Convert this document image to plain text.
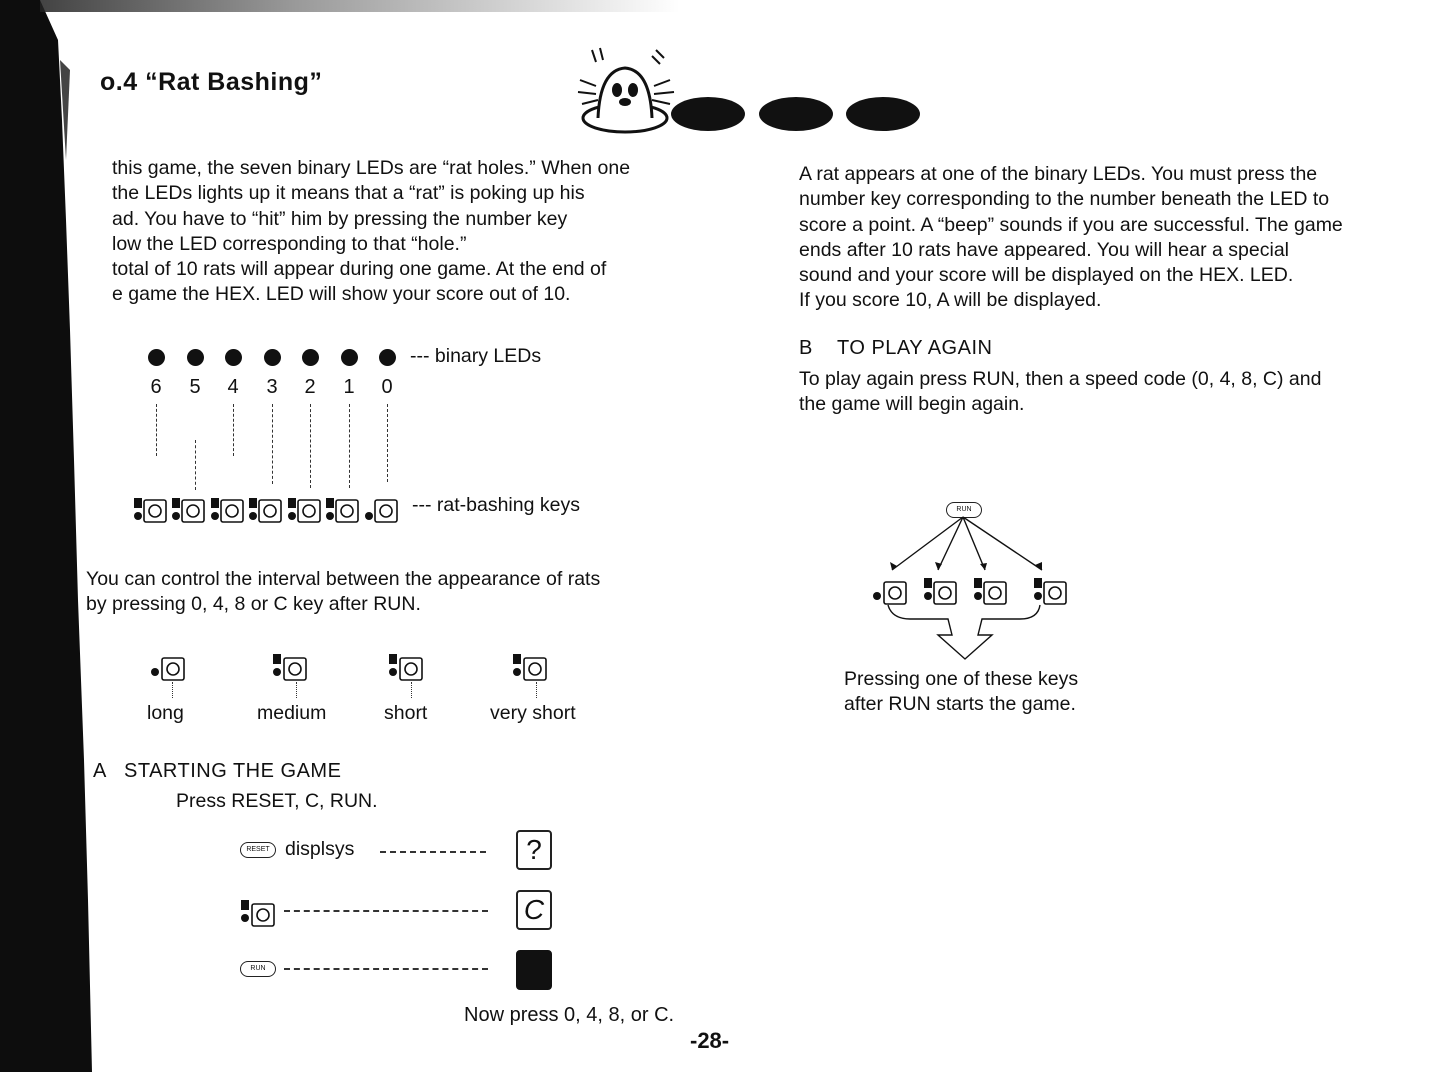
o.4 “Rat Bashing”

this game, the seven binary LEDs are “rat holes.” When one

the LEDs lights up it means that a “rat” is poking up his

ad. You have to “hit” him by pressing the number key

low the LED corresponding to that “hole.”

total of 10 rats will appear during one game. At the end of

e game the HEX. LED will show your score out of 10.

--- binary LEDs
6 5 4 3 2 1 0
--- rat-bashing keys

You can control the interval between the appearance of rats

by pressing 0, 4, 8 or C key after RUN.

long	medium	short	very short
A STARTING THE GAME
Press RESET, C, RUN.
RESET displsys	?
C
RUN
Now press 0, 4, 8, or C.
-28-

A rat appears at one of the binary LEDs. You must press the

number key corresponding to the number beneath the LED to

score a point. A “beep” sounds if you are successful. The game

ends after 10 rats have appeared. You will hear a special

sound and your score will be displayed on the HEX. LED.

If you score 10, A will be displayed.

B TO PLAY AGAIN

To play again press RUN, then a speed code (0, 4, 8, C) and

the game will begin again.

RUN
Pressing one of these keys
after RUN starts the game.
